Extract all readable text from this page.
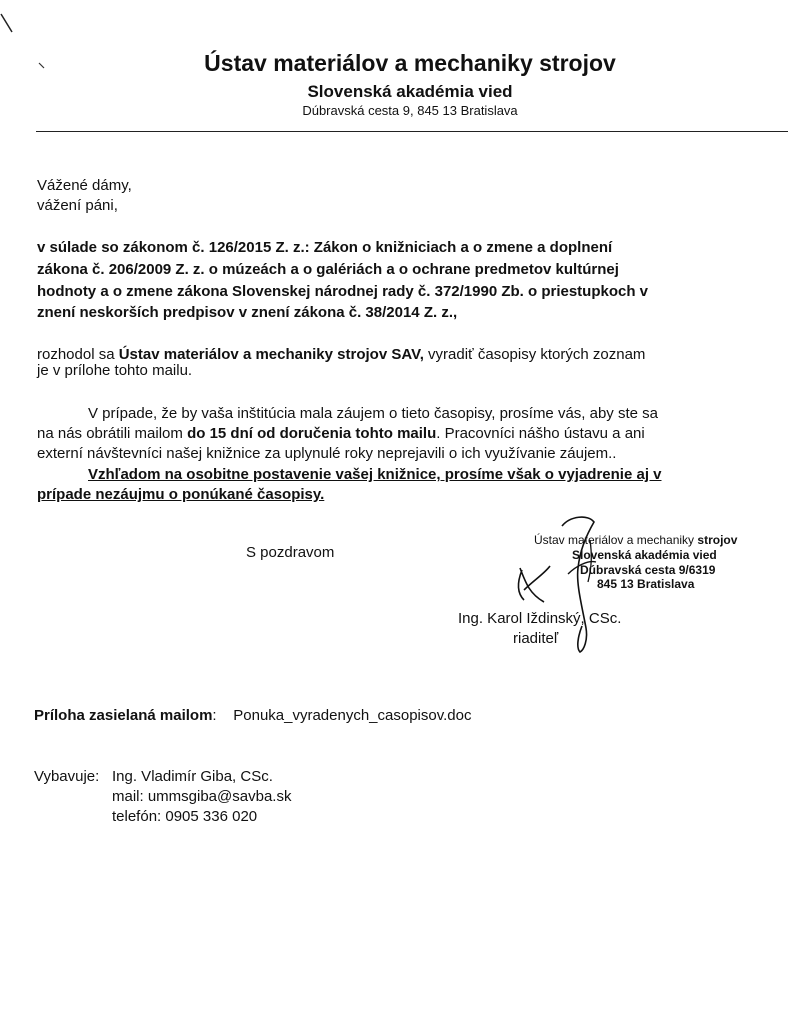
Ústav materiálov a mechaniky strojov
Slovenská akadémia vied
Dúbravská cesta 9, 845 13 Bratislava
Vážené dámy,
vážení páni,
v súlade so zákonom č. 126/2015 Z. z.: Zákon o knižniciach a o zmene a doplnení
zákona č. 206/2009 Z. z. o múzeách a o galériách a o ochrane predmetov kultúrnej
hodnoty a o zmene zákona Slovenskej národnej rady č. 372/1990 Zb. o priestupkoch v
znení neskorších predpisov v znení zákona č. 38/2014 Z. z.,
rozhodol sa Ústav materiálov a mechaniky strojov SAV, vyradiť časopisy ktorých zoznam
je v prílohe tohto mailu.
V prípade, že by vaša inštitúcia mala záujem o tieto časopisy, prosíme vás, aby ste sa
na nás obrátili mailom do 15 dní od doručenia tohto mailu. Pracovníci nášho ústavu a ani
externí návštevníci našej knižnice za uplynulé roky neprejavili o ich využívanie záujem..
Vzhľadom na osobitne postavenie vašej knižnice, prosíme však o vyjadrenie aj v
prípade nezáujmu o ponúkané časopisy.
S pozdravom
Ústav materiálov a mechaniky strojov
Slovenská akadémia vied
Dúbravská cesta 9/6319
845 13 Bratislava
Ing. Karol Iždinský, CSc.
riaditeľ
Príloha zasielaná mailom: Ponuka_vyradenych_casopisov.doc
Vybavuje: Ing. Vladimír Giba, CSc.
mail: ummsgiba@savba.sk
telefón: 0905 336 020
